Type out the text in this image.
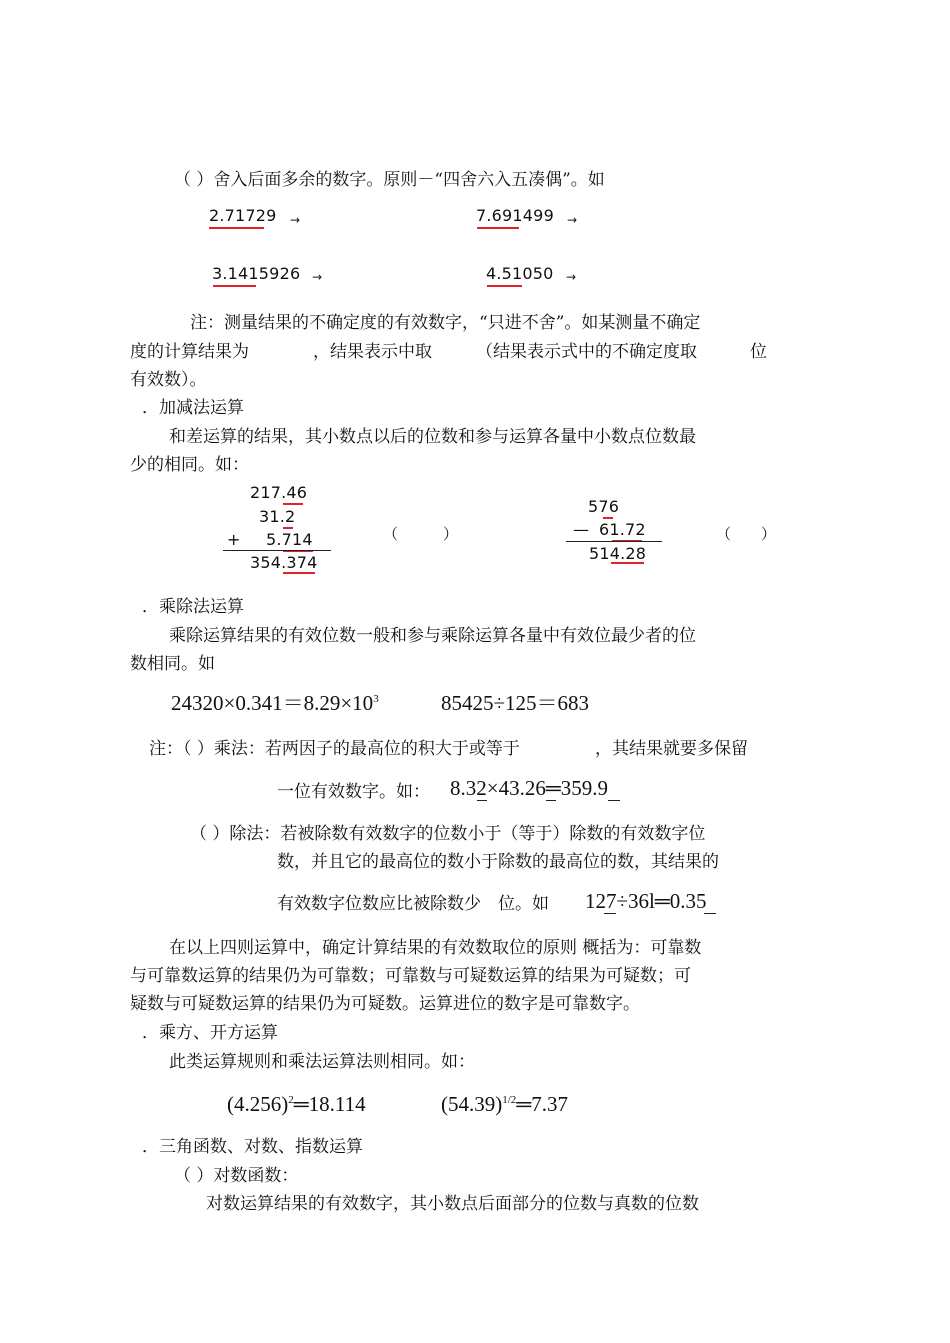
（ ）舍入后面多余的数字。原则－“四舍六入五凑偶”。如
2.71729 →	7.691499 →
3.1415926 →	4.51050 →
注：测量结果的不确定度的有效数字，“只进不舍”。如某测量不确定
度的计算结果为	，结果表示中取	（结果表示式中的不确定度取	位
有效数）。
．加减法运算
和差运算的结果，其小数点以后的位数和参与运算各量中小数点位数最
少的相同。如：
217.46
31.2
+ 5.714
354.374
（　　　）
576
— 61.72
514.28
（　　）
．乘除法运算
乘除运算结果的有效位数一般和参与乘除运算各量中有效位最少者的位
数相同。如
$24320\times 0.341=8.29\times 10^3$	85425÷125＝683
注：（ ）乘法：若两因子的最高位的积大于或等于	，其结果就要多保留
一位有效数字。如： 8.32×43.26═359.9
（ ）除法：若被除数有效数字的位数小于（等于）除数的有效数字位
数，并且它的最高位的数小于除数的最高位的数，其结果的
有效数字位数应比被除数少　位。如 127÷36l═0.35
在以上四则运算中，确定计算结果的有效数取位的原则 概括为：可靠数
与可靠数运算的结果仍为可靠数；可靠数与可疑数运算的结果为可疑数；可
疑数与可疑数运算的结果仍为可疑数。运算进位的数字是可靠数字。
．乘方、开方运算
此类运算规则和乘法运算法则相同。如：
$(4.256)^2═18.114$	$(54.39)^{1/2}═7.37$
．三角函数、对数、指数运算
（ ）对数函数：
对数运算结果的有效数字，其小数点后面部分的位数与真数的位数
